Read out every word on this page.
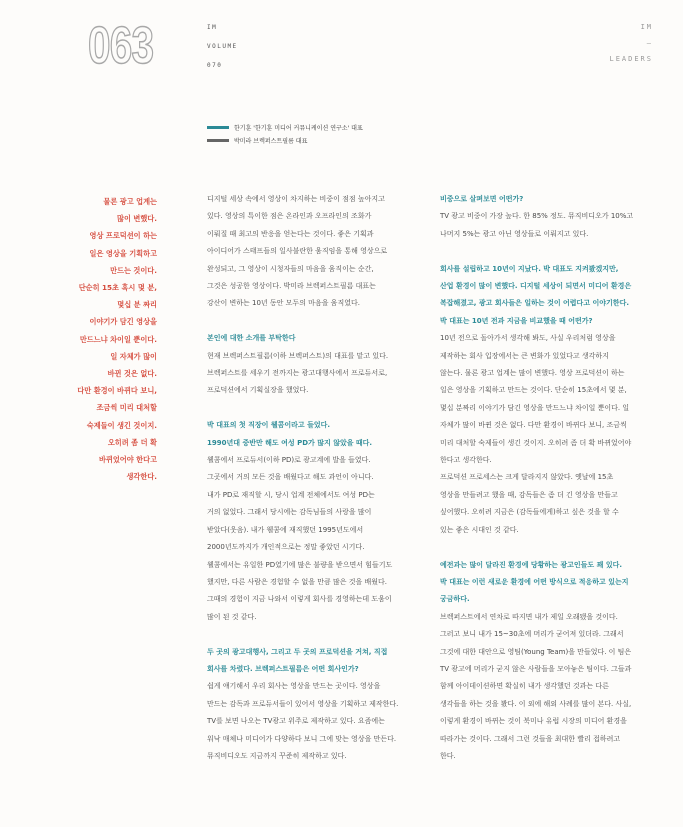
063	IM
VOLUME
070
IM
–
LEADERS
한기훈 '한기훈 미디어 커뮤니케이션 연구소' 대표
박미라 브렉퍼스트필름 대표
물론 광고 업계는
많이 변했다.
영상 프로덕션이 하는
일은 영상을 기획하고
만드는 것이다.
단순히 15초 혹시 몇 분,
몇십 분 짜리
이야기가 담긴 영상을
만드느냐 차이일 뿐이다.
일 자체가 많이
바뀐 것은 없다.
다만 환경이 바뀌다 보니,
조금씩 미리 대처할
숙제들이 생긴 것이지.
오히려 좀 더 확
바뀌었어야 한다고
생각한다.
디지털 세상 속에서 영상이 차지하는 비중이 점점 높아지고
있다. 영상의 특이한 점은 온라인과 오프라인의 조화가
이뤄질 때 최고의 반응을 얻는다는 것이다. 좋은 기획과
아이디어가 스태프들의 일사불란한 움직임을 통해 영상으로
완성되고, 그 영상이 시청자들의 마음을 움직이는 순간,
그것은 성공한 영상이다. 박미라 브렉퍼스트필름 대표는
강산이 변하는 10년 동안 모두의 마음을 움직였다.
본인에 대한 소개를 부탁한다
현재 브렉퍼스트필름(이하 브렉퍼스트)의 대표를 맡고 있다.
브렉퍼스트를 세우기 전까지는 광고대행사에서 프로듀서로,
프로덕션에서 기획실장을 했었다.
박 대표의 첫 직장이 웰콤이라고 들었다.
1990년대 중반만 해도 여성 PD가 많지 않았을 때다.
웰콤에서 프로듀서(이하 PD)로 광고계에 발을 들였다.
그곳에서 거의 모든 것을 배웠다고 해도 과언이 아니다.
내가 PD로 재직할 시, 당시 업계 전체에서도 여성 PD는
거의 없었다. 그래서 당시에는 감독님들의 사랑을 많이
받았다(웃음). 내가 웰콤에 재직했던 1995년도에서
2000년도까지가 개인적으로는 정말 좋았던 시기다.
웰콤에서는 유일한 PD였기에 많은 불량을 받으면서 힘들기도
했지만, 다른 사람은 경험할 수 없을 만큼 많은 것을 배웠다.
그때의 경험이 지금 나와서 이렇게 회사를 경영하는데 도움이
많이 된 것 같다.
두 곳의 광고대행사, 그리고 두 곳의 프로덕션을 거쳐, 직접
회사를 차렸다. 브렉퍼스트필름은 어떤 회사인가?
쉽게 얘기해서 우리 회사는 영상을 만드는 곳이다. 영상을
만드는 감독과 프로듀서들이 있어서 영상을 기획하고 제작한다.
TV를 보면 나오는 TV광고 위주로 제작하고 있다. 요즘에는
워낙 매체나 미디어가 다양하다 보니 그에 맞는 영상을 만든다.
뮤직비디오도 지금까지 꾸준히 제작하고 있다.
비중으로 살펴보면 어떤가?
TV 광고 비중이 가장 높다. 한 85% 정도. 뮤직비디오가 10%고
나머지 5%는 광고 아닌 영상들로 이뤄지고 있다.
회사를 설립하고 10년이 지났다. 박 대표도 지켜봤겠지만,
산업 환경이 많이 변했다. 디지털 세상이 되면서 미디어 환경은
복잡해졌고, 광고 회사들은 일하는 것이 어렵다고 이야기한다.
박 대표는 10년 전과 지금을 비교했을 때 어떤가?
10년 전으로 돌아가서 생각해 봐도, 사실 우리처럼 영상을
제작하는 회사 입장에서는 큰 변화가 있었다고 생각하지
않는다. 물론 광고 업계는 많이 변했다. 영상 프로덕션이 하는
일은 영상을 기획하고 만드는 것이다. 단순히 15초에서 몇 분,
몇십 분짜리 이야기가 담긴 영상을 만드느냐 차이일 뿐이다. 일
자체가 많이 바뀐 것은 없다. 다만 환경이 바뀌다 보니, 조금씩
미리 대처할 숙제들이 생긴 것이지. 오히려 좀 더 확 바뀌었어야
한다고 생각한다.
프로덕션 프로세스는 크게 달라지지 않았다. 옛날에 15초
영상을 만들려고 했을 때, 감독들은 좀 더 긴 영상을 만들고
싶어했다. 오히려 지금은 (감독들에게)하고 싶은 것을 할 수
있는 좋은 시대인 것 같다.
예전과는 많이 달라진 환경에 당황하는 광고인들도 꽤 있다.
박 대표는 이런 새로운 환경에 어떤 방식으로 적응하고 있는지
궁금하다.
브렉퍼스트에서 연차로 따지면 내가 제일 오래됐을 것이다.
그러고 보니 내가 15~30초에 머리가 굳어져 있더라. 그래서
그것에 대한 대안으로 영팀(Young Team)을 만들었다. 이 팀은
TV 광고에 머리가 굳지 않은 사람들을 모아놓은 팀이다. 그들과
함께 아이데이션하면 확실히 내가 생각했던 것과는 다른
생각들을 하는 것을 봤다. 이 외에 해외 사례를 많이 본다. 사실,
이렇게 환경이 바뀌는 것이 북미나 유럽 시장의 미디어 환경을
따라가는 것이다. 그래서 그런 것들을 최대한 빨리 접하려고
한다.
